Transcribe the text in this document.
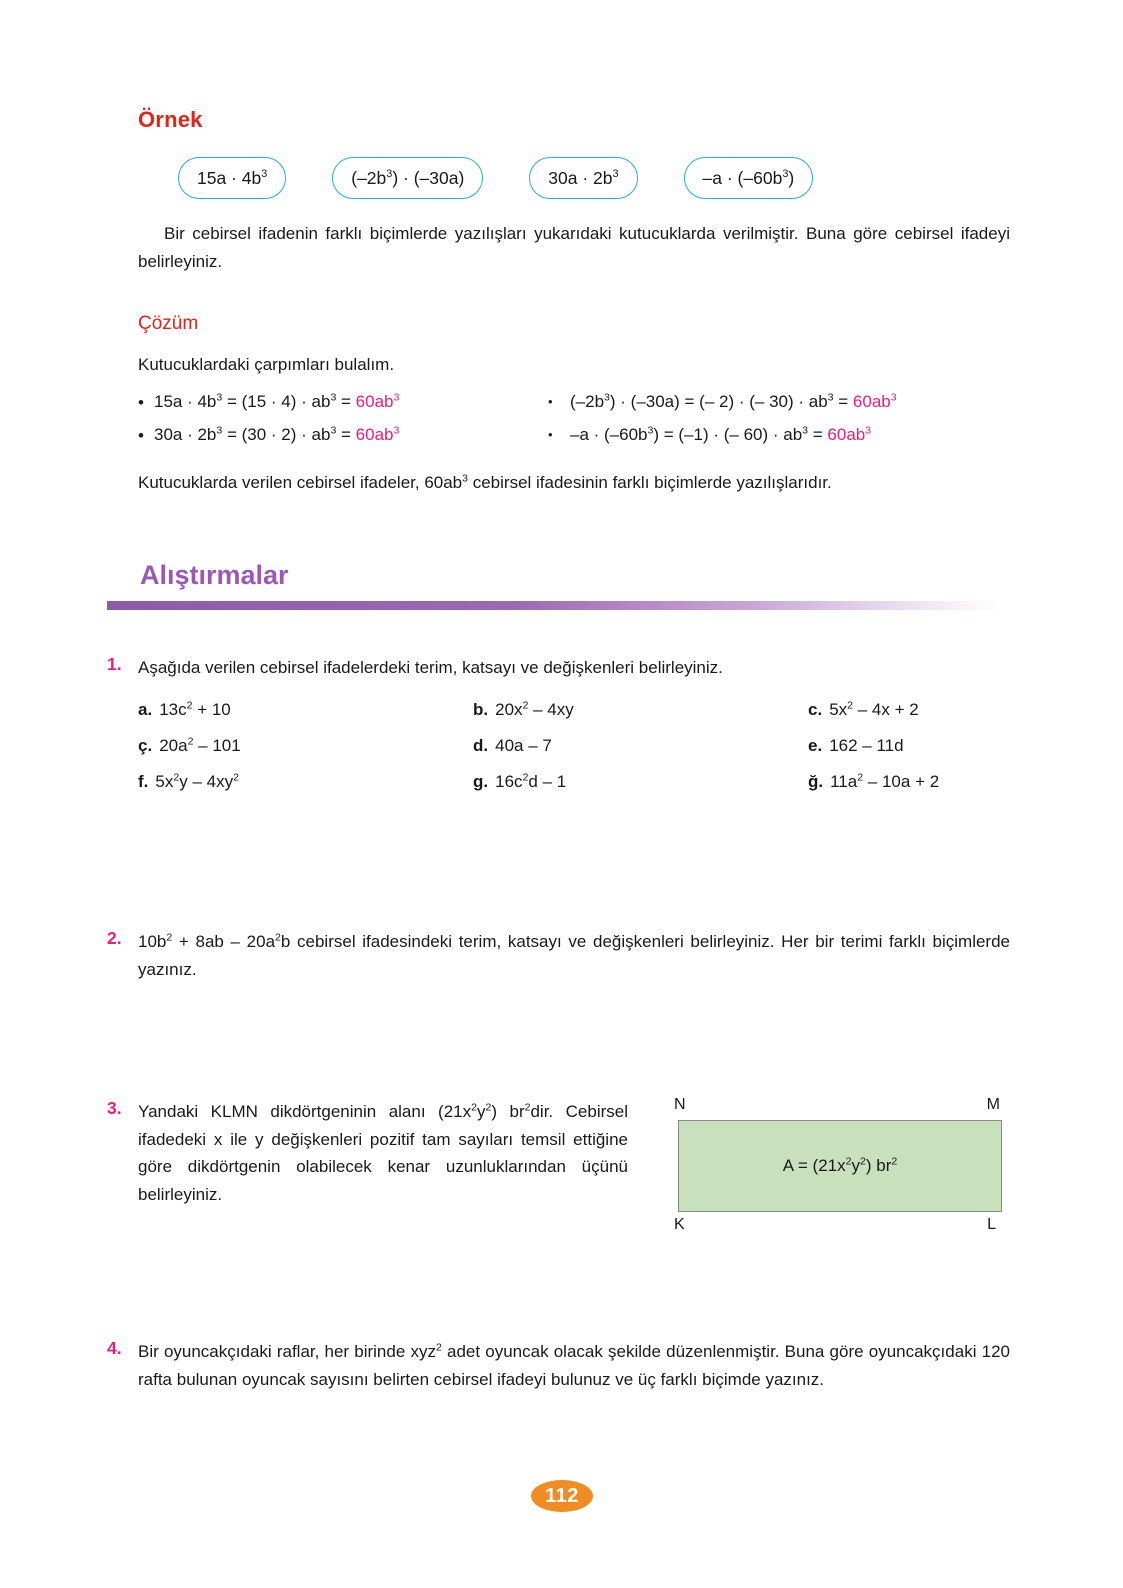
Örnek
$15a \cdot 4b^3$	$(-2b^3) \cdot (-30a)$	$30a \cdot 2b^3$	$-a \cdot (-60b^3)$
Bir cebirsel ifadenin farklı biçimlerde yazılışları yukarıdaki kutucuklarda verilmiştir. Buna göre cebirsel ifadeyi belirleyiniz.
Çözüm
Kutucuklardaki çarpımları bulalım.
• $15a \cdot 4b^3 = (15 \cdot 4) \cdot ab^3 = 60ab^3$	•	$(-2b^3) \cdot (-30a)$ = (– 2) · (– $30) \cdot ab^3 = 60ab^3$
• $30a \cdot 2b^3 = (30 \cdot 2) \cdot ab^3 = 60ab^3$	•	$-a \cdot (-60b^3) = (-1)$ · (– $60) \cdot ab^3 = 60ab^3$
Kutucuklarda verilen cebirsel ifadeler, $60ab^3$ cebirsel ifadesinin farklı biçimlerde yazılışlarıdır.
Alıştırmalar
1. Aşağıda verilen cebirsel ifadelerdeki terim, katsayı ve değişkenleri belirleyiniz.
a. $13c^2 + 10$	b. $20x^2 - 4xy$	c. $5x^2 - 4x + 2$
ç. $20a^2 - 101$	d. 40a – 7	e. 162 – 11d
f. $5x^2y - 4xy^2$	g. $16c^2d - 1$	ğ. $11a^2 - 10a + 2$
2. $10b^2 + 8ab - 20a^2b$ cebirsel ifadesindeki terim, katsayı ve değişkenleri belirleyiniz. Her bir terimi farklı biçimlerde yazınız.
3. Yandaki KLMN dikdörtgeninin alanı $(21x^2y^2)$ $br^2dir$. Cebirsel ifadedeki x ile y değişkenleri pozitif tam sayıları temsil ettiğine göre dikdörtgenin olabilecek kenar uzunluklarından üçünü belirleyiniz.
N	M
$A = (21x^2y^2)$ $br^2$
K	L
4. Bir oyuncakçıdaki raflar, her birinde xyz$^2$ adet oyuncak olacak şekilde düzenlenmiştir. Buna göre oyuncakçıdaki 120 rafta bulunan oyuncak sayısını belirten cebirsel ifadeyi bulunuz ve üç farklı biçimde yazınız.
112
